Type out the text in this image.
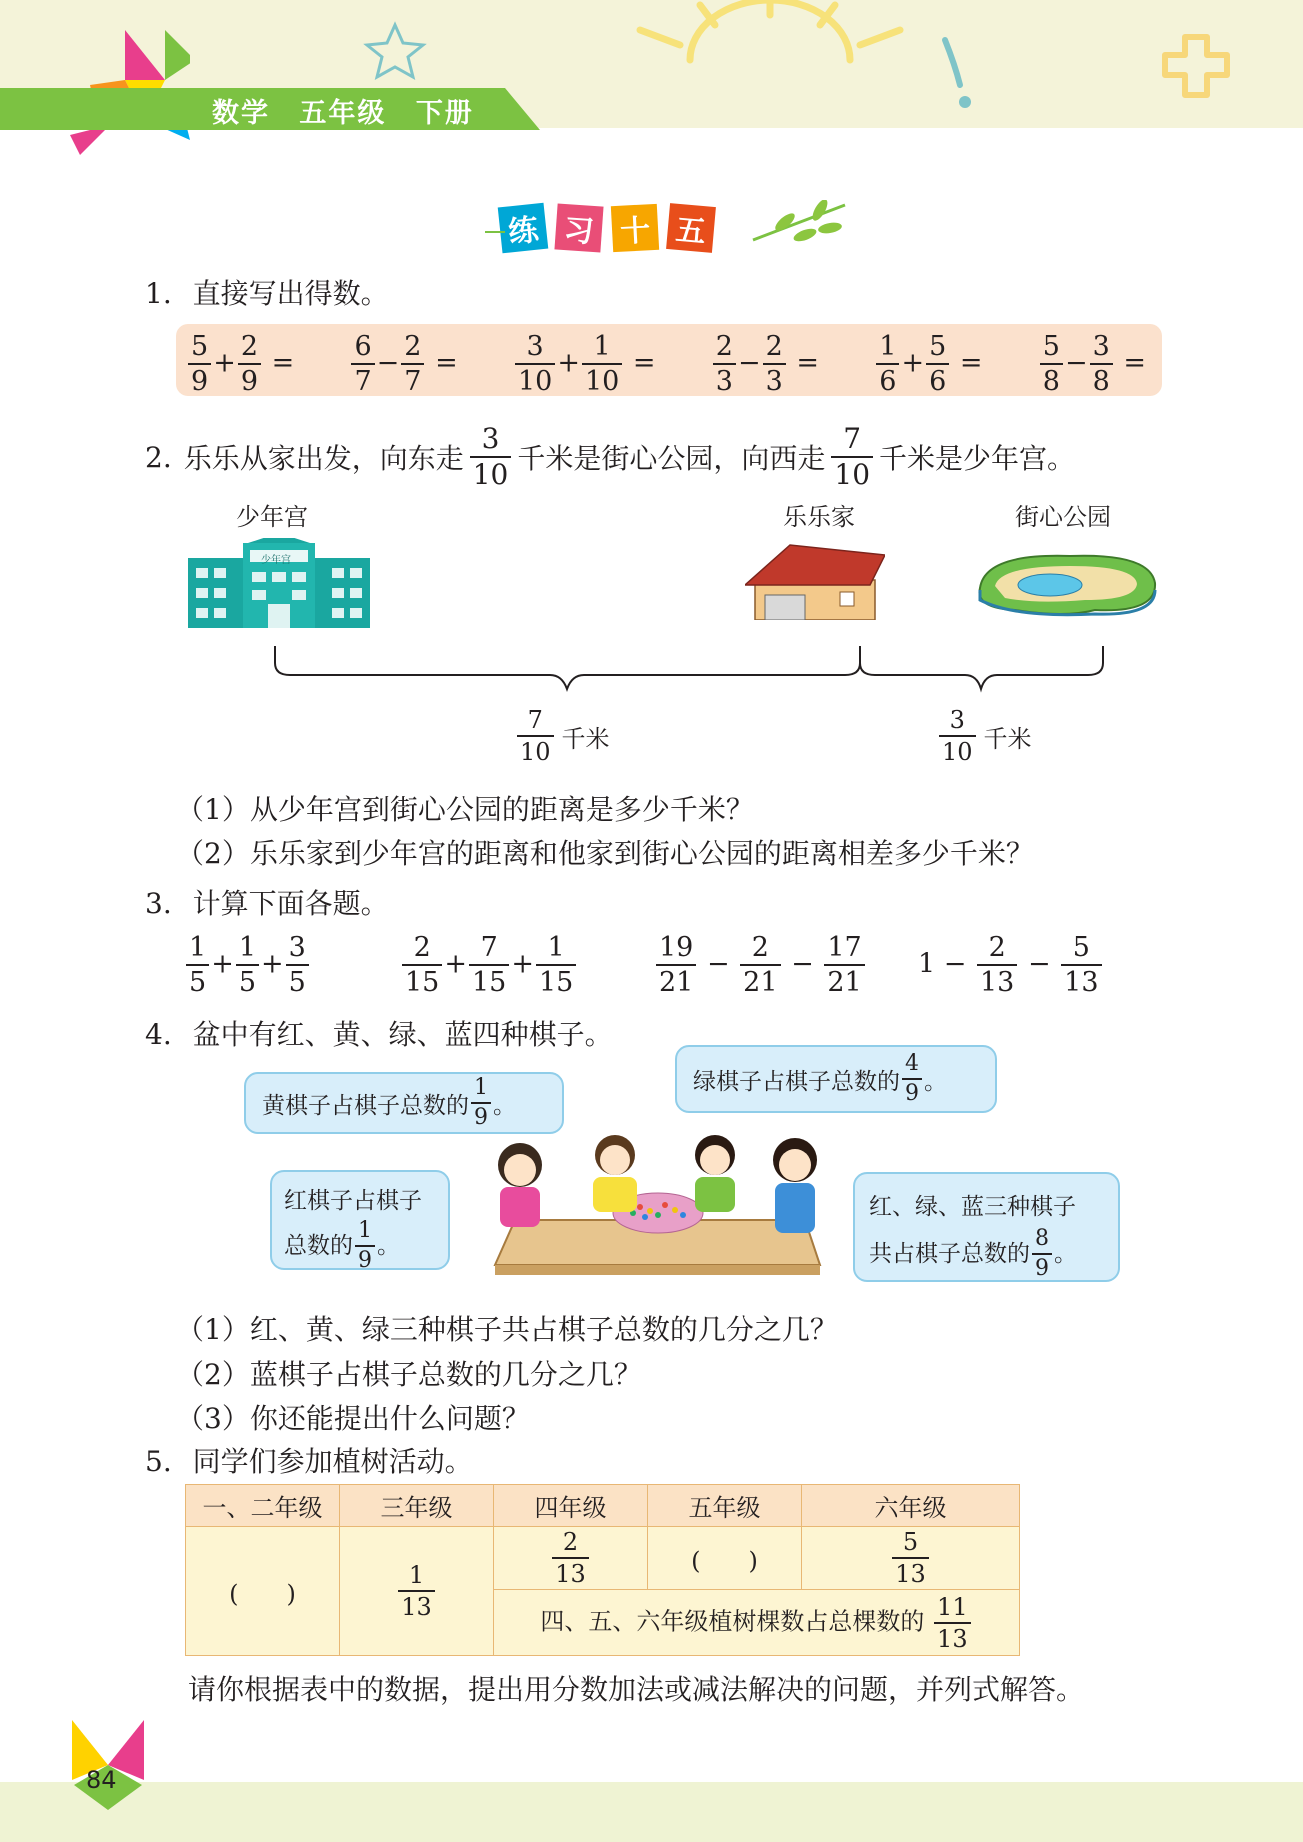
数学 五年级 下册
练 习 十 五
1. 直接写出得数。
$\frac{5}{9} + \frac{2}{9} = \frac{6}{7} - \frac{2}{7} = \frac{3}{10} + \frac{1}{10} = \frac{2}{3} - \frac{2}{3} = \frac{1}{6} + \frac{5}{6} = \frac{5}{8} - \frac{3}{8}$ =
2. 乐乐从家出发，向东走 $\frac{3}{10}$ 千米是街心公园，向西走 $\frac{7}{10}$ 千米是少年宫。
少年宫	乐乐家	街心公园
少年宫
$\frac{7}{10}$ 千米	$\frac{3}{10}$ 千米
（1）从少年宫到街心公园的距离是多少千米？
（2）乐乐家到少年宫的距离和他家到街心公园的距离相差多少千米？
3. 计算下面各题。
$\frac{1}{5} + \frac{1}{5} + \frac{3}{5}$	$\frac{2}{15} + \frac{7}{15} + \frac{1}{15}$	$\frac{19}{21} - \frac{2}{21} - \frac{17}{21} 1 - \frac{2}{13} - \frac{5}{13}$
4. 盆中有红、黄、绿、蓝四种棋子。
黄棋子占棋子总数的 $\frac{1}{9}$ 。
绿棋子占棋子总数的 $\frac{4}{9}$ 。
红棋子占棋子
总数的 $\frac{1}{9}$ 。
红、绿、蓝三种棋子
共占棋子总数的 $\frac{8}{9}$ 。
（1）红、黄、绿三种棋子共占棋子总数的几分之几？
（2）蓝棋子占棋子总数的几分之几？
（3）你还能提出什么问题？
5. 同学们参加植树活动。
一、二年级	三年级	四年级	五年级	六年级
(　　)	$\frac{1}{13}$	$\frac{2}{13}$	(　　)	$\frac{5}{13}$

		四、五、六年级植树棵数占总棵数的 $\frac{11}{13}$
请你根据表中的数据，提出用分数加法或减法解决的问题，并列式解答。
84
